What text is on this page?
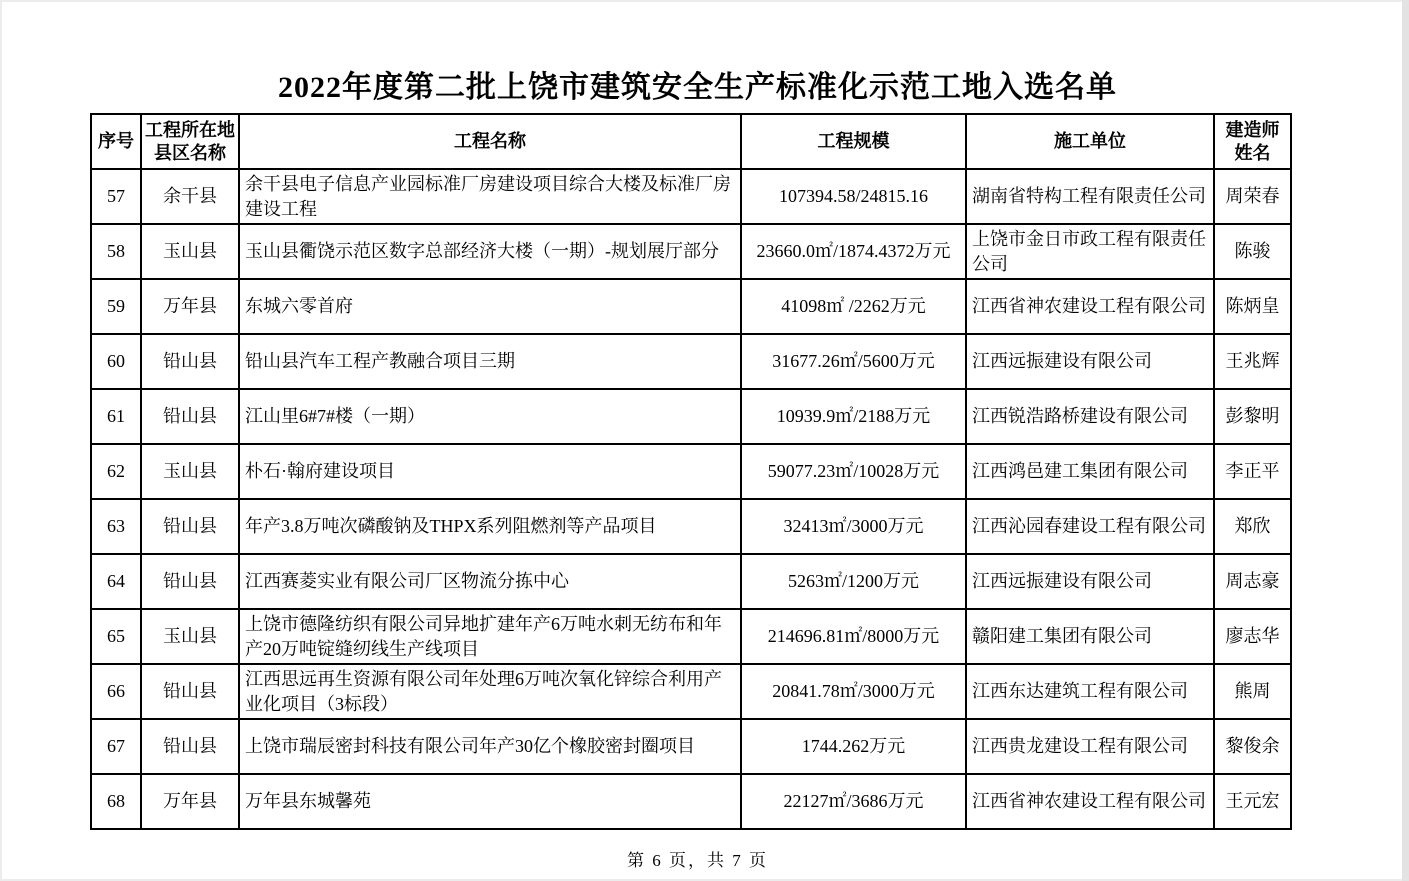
2022年度第二批上饶市建筑安全生产标准化示范工地入选名单
序号	工程所在地县区名称	工程名称	工程规模	施工单位	建造师姓名
57	余干县	余干县电子信息产业园标准厂房建设项目综合大楼及标准厂房建设工程	107394.58/24815.16	湖南省特构工程有限责任公司	周荣春
58	玉山县	玉山县衢饶示范区数字总部经济大楼（一期）-规划展厅部分	23660.0㎡/1874.4372万元	上饶市金日市政工程有限责任公司	陈骏
59	万年县	东城六零首府	41098㎡ /2262万元	江西省神农建设工程有限公司	陈炳皇
60	铅山县	铅山县汽车工程产教融合项目三期	31677.26㎡/5600万元	江西远振建设有限公司	王兆辉
61	铅山县	江山里6#7#楼（一期）	10939.9㎡/2188万元	江西锐浩路桥建设有限公司	彭黎明
62	玉山县	朴石·翰府建设项目	59077.23㎡/10028万元	江西鸿邑建工集团有限公司	李正平
63	铅山县	年产3.8万吨次磷酸钠及THPX系列阻燃剂等产品项目	32413㎡/3000万元	江西沁园春建设工程有限公司	郑欣
64	铅山县	江西赛菱实业有限公司厂区物流分拣中心	5263㎡/1200万元	江西远振建设有限公司	周志豪
65	玉山县	上饶市德隆纺织有限公司异地扩建年产6万吨水刺无纺布和年产20万吨锭缝纫线生产线项目	214696.81㎡/8000万元	赣阳建工集团有限公司	廖志华
66	铅山县	江西思远再生资源有限公司年处理6万吨次氧化锌综合利用产业化项目（3标段）	20841.78㎡/3000万元	江西东达建筑工程有限公司	熊周
67	铅山县	上饶市瑞辰密封科技有限公司年产30亿个橡胶密封圈项目	1744.262万元	江西贵龙建设工程有限公司	黎俊余
68	万年县	万年县东城馨苑	22127㎡/3686万元	江西省神农建设工程有限公司	王元宏
第 6 页，共 7 页
